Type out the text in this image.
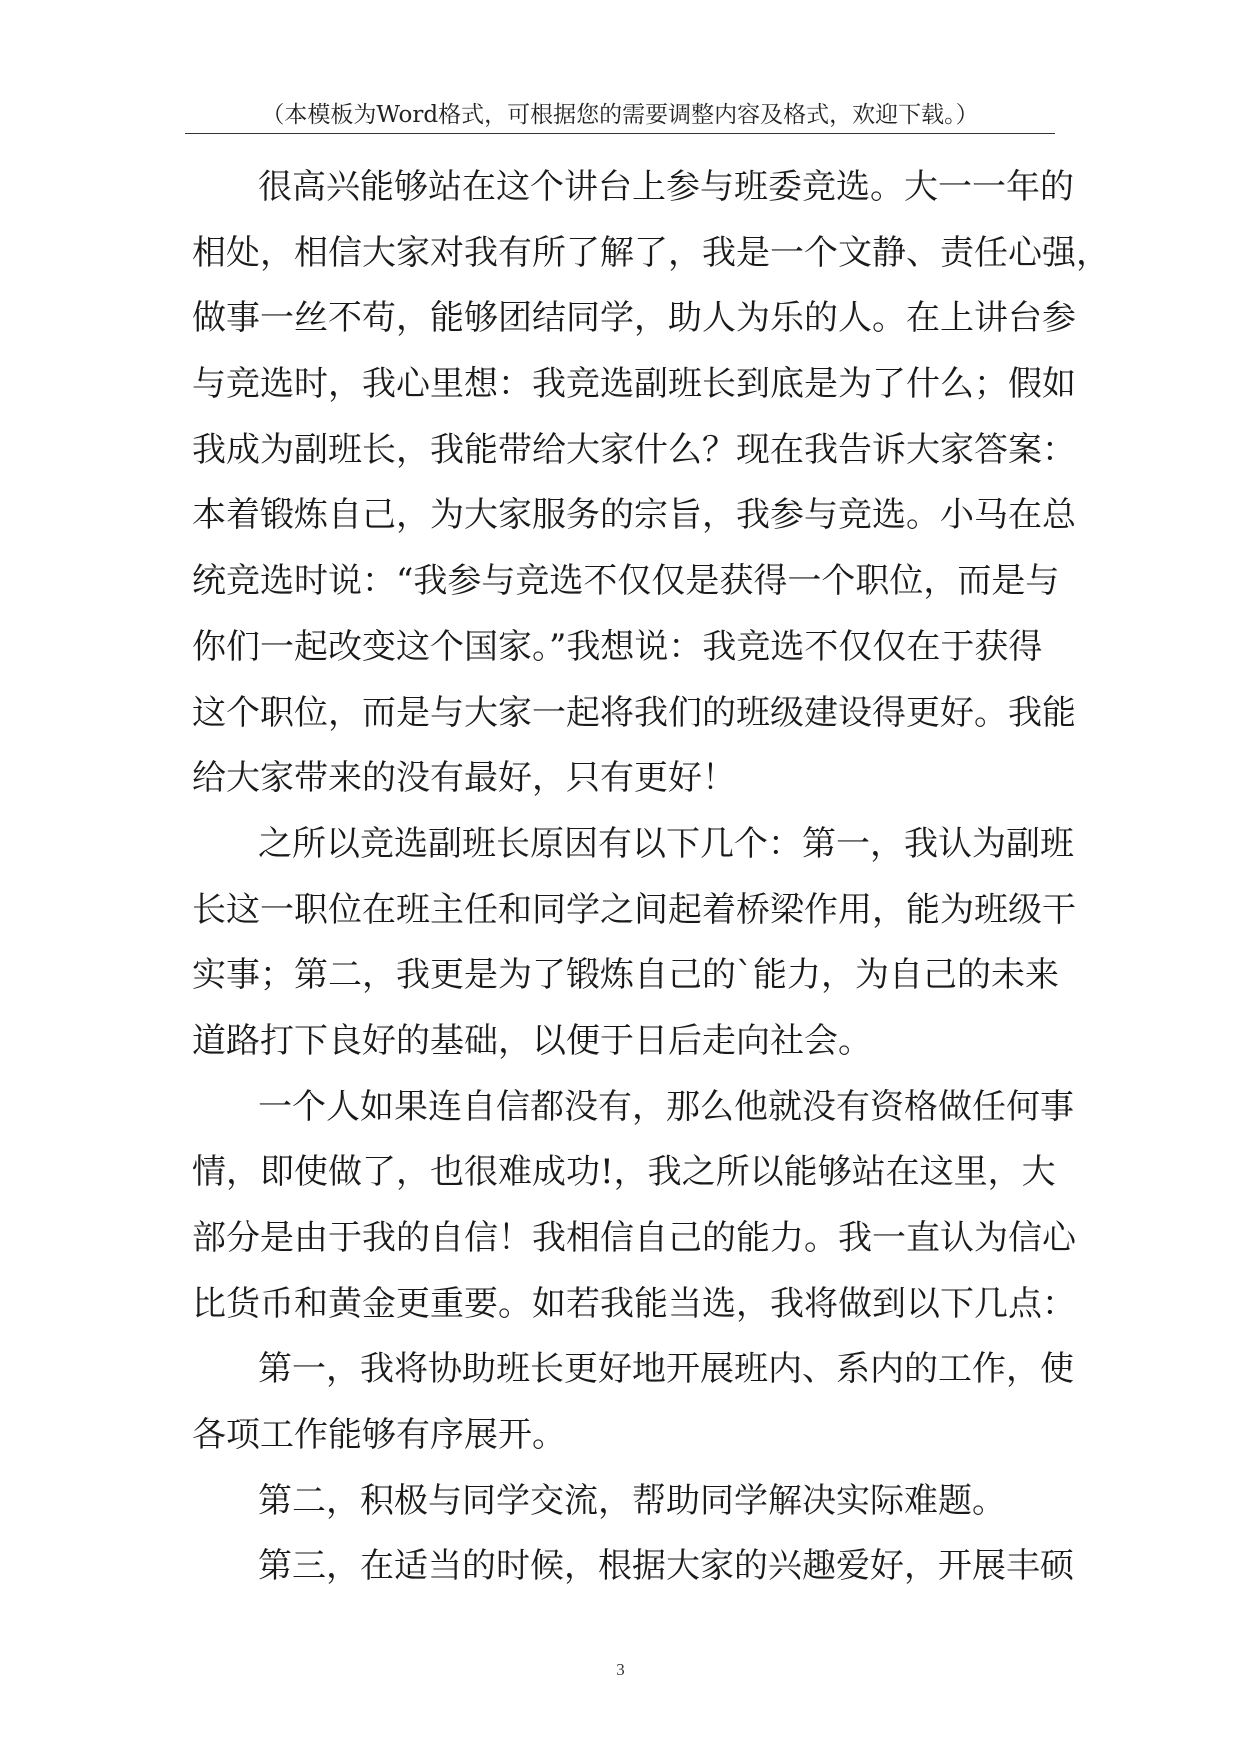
（本模板为Word格式，可根据您的需要调整内容及格式，欢迎下载。）
很高兴能够站在这个讲台上参与班委竞选。大一一年的
相处，相信大家对我有所了解了，我是一个文静、责任心强，
做事一丝不苟，能够团结同学，助人为乐的人。在上讲台参
与竞选时，我心里想：我竞选副班长到底是为了什么；假如
我成为副班长，我能带给大家什么？现在我告诉大家答案：
本着锻炼自己，为大家服务的宗旨，我参与竞选。小马在总
统竞选时说：“我参与竞选不仅仅是获得一个职位，而是与
你们一起改变这个国家。”我想说：我竞选不仅仅在于获得
这个职位，而是与大家一起将我们的班级建设得更好。我能
给大家带来的没有最好，只有更好！
之所以竞选副班长原因有以下几个：第一，我认为副班
长这一职位在班主任和同学之间起着桥梁作用，能为班级干
实事；第二，我更是为了锻炼自己的`能力，为自己的未来
道路打下良好的基础，以便于日后走向社会。
一个人如果连自信都没有，那么他就没有资格做任何事
情，即使做了，也很难成功!，我之所以能够站在这里，大
部分是由于我的自信！我相信自己的能力。我一直认为信心
比货币和黄金更重要。如若我能当选，我将做到以下几点：
第一，我将协助班长更好地开展班内、系内的工作，使
各项工作能够有序展开。
第二，积极与同学交流，帮助同学解决实际难题。
第三，在适当的时候，根据大家的兴趣爱好，开展丰硕
3
